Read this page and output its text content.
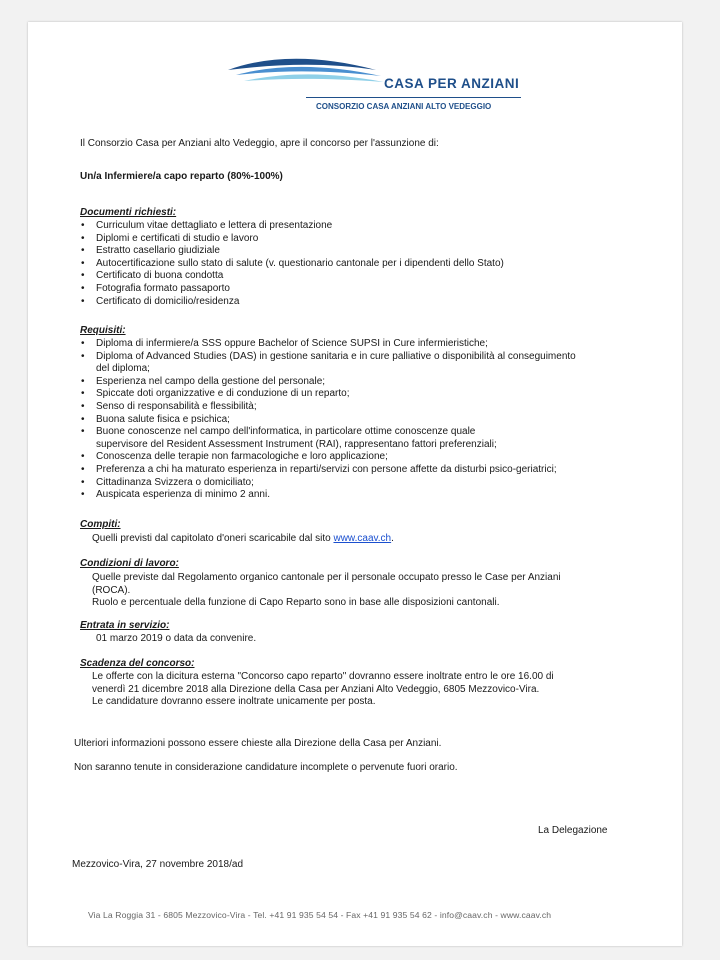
CASA PER ANZIANI
CONSORZIO CASA ANZIANI ALTO VEDEGGIO
Il Consorzio Casa per Anziani alto Vedeggio, apre il concorso per l'assunzione di:
Un/a Infermiere/a capo reparto (80%-100%)
Documenti richiesti:
• Curriculum vitae dettagliato e lettera di presentazione
• Diplomi e certificati di studio e lavoro
• Estratto casellario giudiziale
• Autocertificazione sullo stato di salute (v. questionario cantonale per i dipendenti dello Stato)
• Certificato di buona condotta
• Fotografia formato passaporto
• Certificato di domicilio/residenza
Requisiti:
• Diploma di infermiere/a SSS oppure Bachelor of Science SUPSI in Cure infermieristiche;
• Diploma of Advanced Studies (DAS) in gestione sanitaria e in cure palliative o disponibilità al conseguimento
del diploma;
• Esperienza nel campo della gestione del personale;
• Spiccate doti organizzative e di conduzione di un reparto;
• Senso di responsabilità e flessibilità;
• Buona salute fisica e psichica;
• Buone conoscenze nel campo dell'informatica, in particolare ottime conoscenze quale
supervisore del Resident Assessment Instrument (RAI), rappresentano fattori preferenziali;
• Conoscenza delle terapie non farmacologiche e loro applicazione;
• Preferenza a chi ha maturato esperienza in reparti/servizi con persone affette da disturbi psico-geriatrici;
• Cittadinanza Svizzera o domiciliato;
• Auspicata esperienza di minimo 2 anni.
Compiti:
Quelli previsti dal capitolato d'oneri scaricabile dal sito www.caav.ch.
Condizioni di lavoro:
Quelle previste dal Regolamento organico cantonale per il personale occupato presso le Case per Anziani
(ROCA).
Ruolo e percentuale della funzione di Capo Reparto sono in base alle disposizioni cantonali.
Entrata in servizio:
01 marzo 2019 o data da convenire.
Scadenza del concorso:
Le offerte con la dicitura esterna "Concorso capo reparto" dovranno essere inoltrate entro le ore 16.00 di
venerdì 21 dicembre 2018 alla Direzione della Casa per Anziani Alto Vedeggio, 6805 Mezzovico-Vira.
Le candidature dovranno essere inoltrate unicamente per posta.
Ulteriori informazioni possono essere chieste alla Direzione della Casa per Anziani.
Non saranno tenute in considerazione candidature incomplete o pervenute fuori orario.
La Delegazione
Mezzovico-Vira, 27 novembre 2018/ad
Via La Roggia 31 - 6805 Mezzovico-Vira - Tel. +41 91 935 54 54 - Fax +41 91 935 54 62 - info@caav.ch - www.caav.ch
